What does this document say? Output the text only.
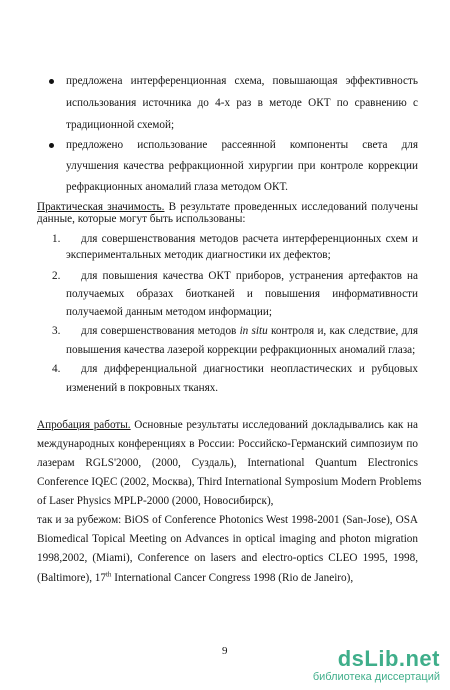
предложена интерференционная схема, повышающая эффективность
использования источника до 4-х раз в методе ОКТ по сравнению с
традиционной схемой;
предложено использование рассеянной компоненты света для
улучшения качества рефракционной хирургии при контроле коррекции
рефракционных аномалий глаза методом ОКТ.
Практическая значимость. В результате проведенных исследований получены
данные, которые могут быть использованы:
1. для совершенствования методов расчета интерференционных схем и
экспериментальных методик диагностики их дефектов;
2. для повышения качества ОКТ приборов, устранения артефактов на
получаемых образах биотканей и повышения информативности
получаемой данным методом информации;
3. для совершенствования методов in situ контроля и, как следствие, для
повышения качества лазерой коррекции рефракционных аномалий глаза;
4. для дифференциальной диагностики неопластических и рубцовых
изменений в покровных тканях.
Апробация работы. Основные результаты исследований докладывались как на
международных конференциях в России: Российско-Германский симпозиум по
лазерам RGLS'2000, (2000, Суздаль), International Quantum Electronics
Conference IQEC (2002, Москва), Third International Symposium Modern Problems
of Laser Physics MPLP-2000 (2000, Новосибирск),
так и за рубежом: BiOS of Conference Photonics West 1998-2001 (San-Jose), OSA
Biomedical Topical Meeting on Advances in optical imaging and photon migration
1998,2002, (Miami), Conference on lasers and electro-optics CLEO 1995, 1998,
(Baltimore), 17th International Cancer Congress 1998 (Rio de Janeiro),
9	dsLib.net
библиотека диссертаций
